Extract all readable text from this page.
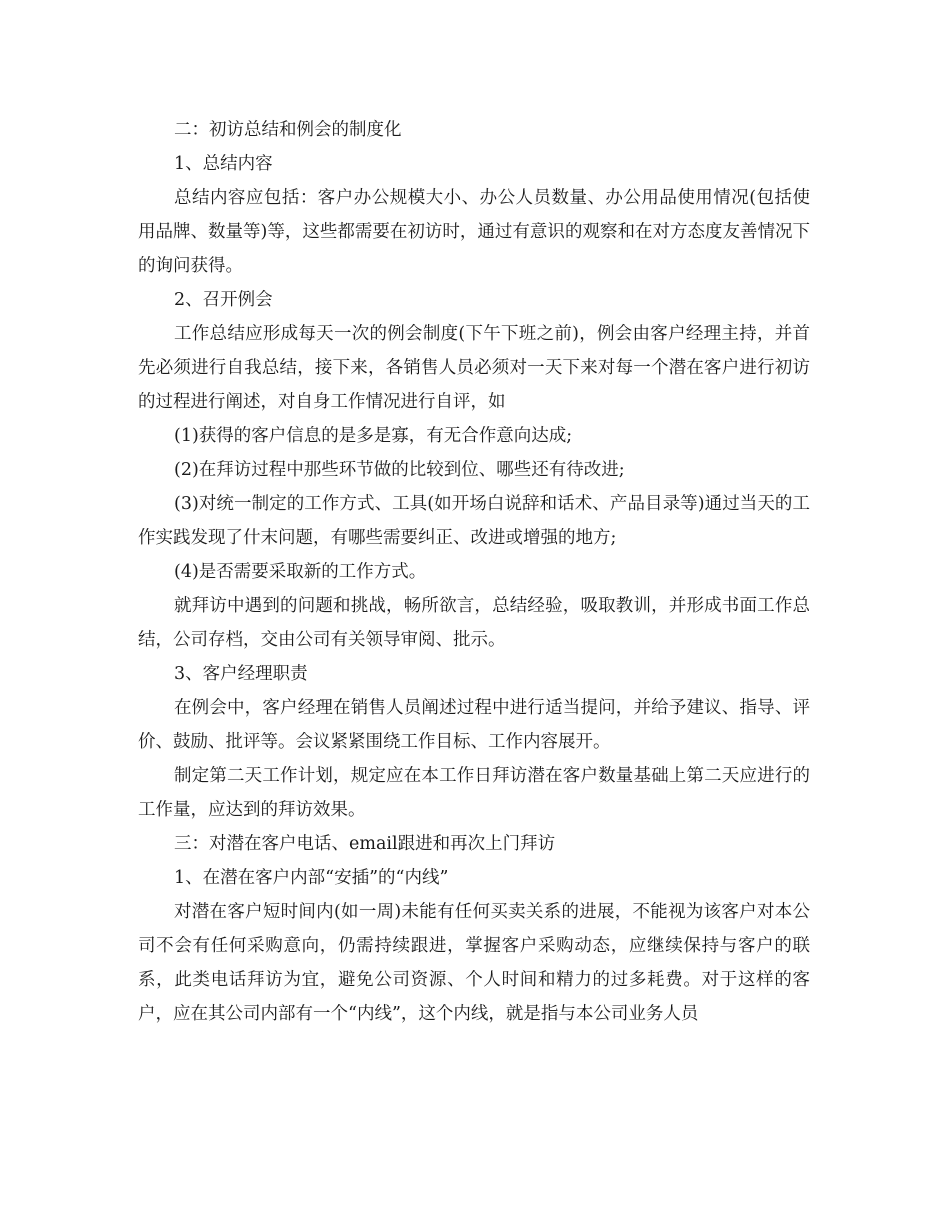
二：初访总结和例会的制度化

1、总结内容

总结内容应包括：客户办公规模大小、办公人员数量、办公用品使用情况(包括使用品牌、数量等)等，这些都需要在初访时，通过有意识的观察和在对方态度友善情况下的询问获得。

2、召开例会

工作总结应形成每天一次的例会制度(下午下班之前)，例会由客户经理主持，并首先必须进行自我总结，接下来，各销售人员必须对一天下来对每一个潜在客户进行初访的过程进行阐述，对自身工作情况进行自评，如

(1)获得的客户信息的是多是寡，有无合作意向达成;

(2)在拜访过程中那些环节做的比较到位、哪些还有待改进;

(3)对统一制定的工作方式、工具(如开场白说辞和话术、产品目录等)通过当天的工作实践发现了什末问题，有哪些需要纠正、改进或增强的地方;

(4)是否需要采取新的工作方式。

就拜访中遇到的问题和挑战，畅所欲言，总结经验，吸取教训，并形成书面工作总结，公司存档，交由公司有关领导审阅、批示。

3、客户经理职责

在例会中，客户经理在销售人员阐述过程中进行适当提问，并给予建议、指导、评价、鼓励、批评等。会议紧紧围绕工作目标、工作内容展开。

制定第二天工作计划，规定应在本工作日拜访潜在客户数量基础上第二天应进行的工作量，应达到的拜访效果。

三：对潜在客户电话、email跟进和再次上门拜访

1、在潜在客户内部“安插”的“内线”

对潜在客户短时间内(如一周)未能有任何买卖关系的进展，不能视为该客户对本公司不会有任何采购意向，仍需持续跟进，掌握客户采购动态，应继续保持与客户的联系，此类电话拜访为宜，避免公司资源、个人时间和精力的过多耗费。对于这样的客户，应在其公司内部有一个“内线”，这个内线，就是指与本公司业务人员
